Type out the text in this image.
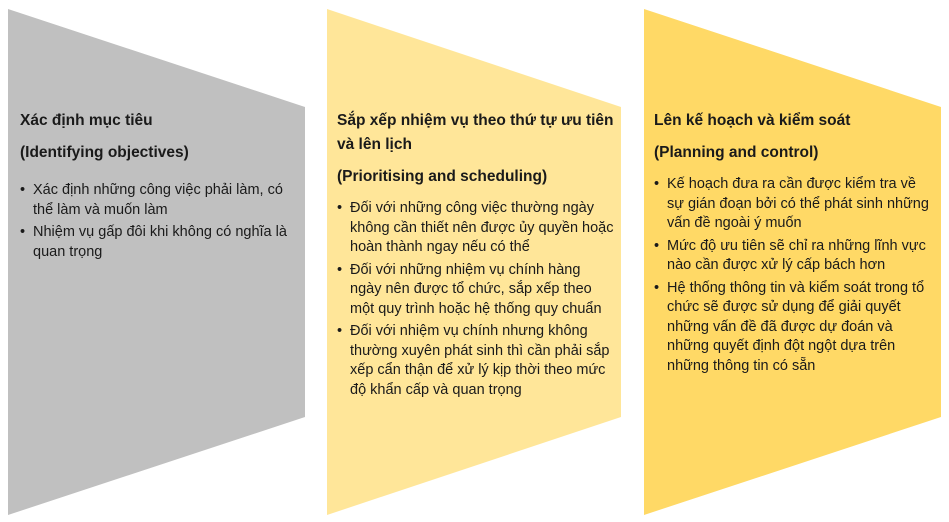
Xác định mục tiêu

(Identifying objectives)

• Xác định những công việc phải làm, có thể làm và muốn làm
• Nhiệm vụ gấp đôi khi không có nghĩa là quan trọng

Sắp xếp nhiệm vụ theo thứ tự ưu tiên và lên lịch

(Prioritising and scheduling)

• Đối với những công việc thường ngày không cần thiết nên được ủy quyền hoặc hoàn thành ngay nếu có thể
• Đối với những nhiệm vụ chính hàng ngày nên được tổ chức, sắp xếp theo một quy trình hoặc hệ thống quy chuẩn
• Đối với nhiệm vụ chính nhưng không thường xuyên phát sinh thì cần phải sắp xếp cẩn thận để xử lý kịp thời theo mức độ khẩn cấp và quan trọng

Lên kế hoạch và kiểm soát

(Planning and control)

• Kế hoạch đưa ra cần được kiểm tra về sự gián đoạn bởi có thể phát sinh những vấn đề ngoài ý muốn
• Mức độ ưu tiên sẽ chỉ ra những lĩnh vực nào cần được xử lý cấp bách hơn
• Hệ thống thông tin và kiểm soát trong tổ chức sẽ được sử dụng để giải quyết những vấn đề đã được dự đoán và những quyết định đột ngột dựa trên những thông tin có sẵn
